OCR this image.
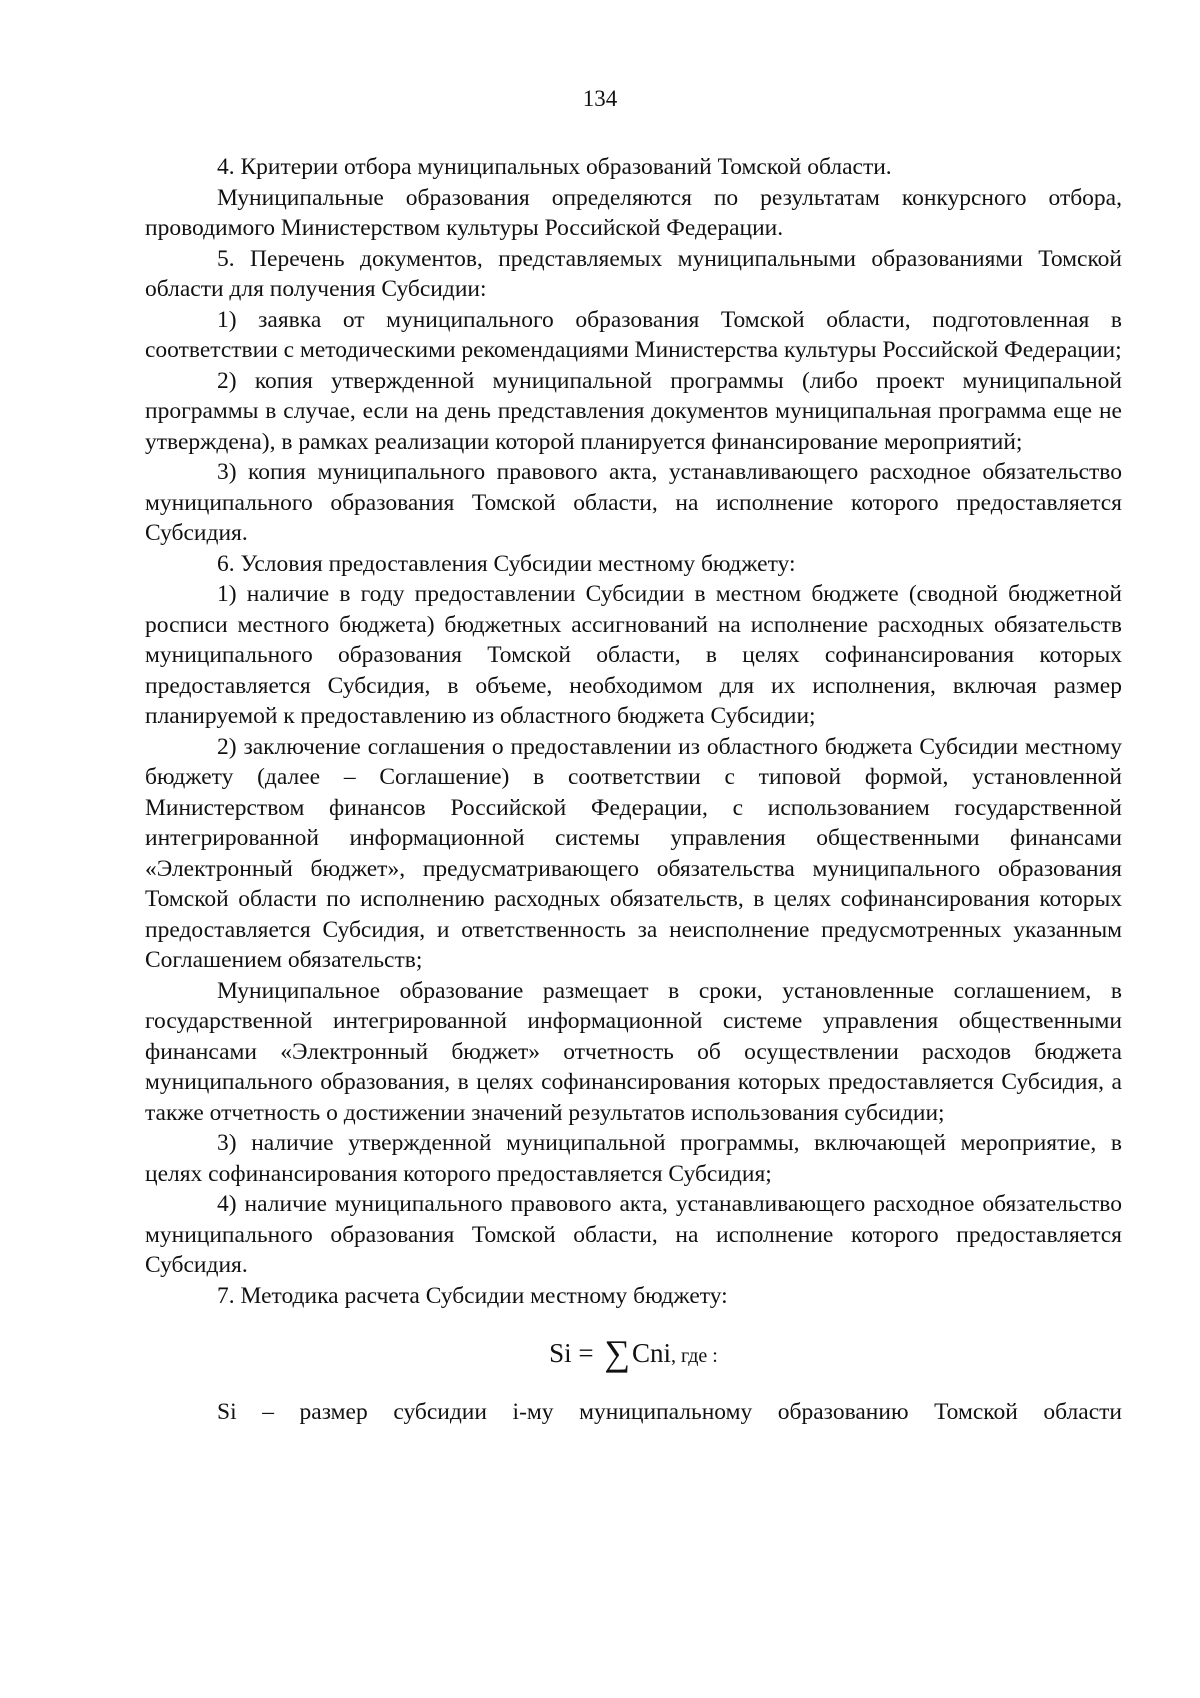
134

4. Критерии отбора муниципальных образований Томской области.

Муниципальные образования определяются по результатам конкурсного отбора, проводимого Министерством культуры Российской Федерации.

5. Перечень документов, представляемых муниципальными образованиями Томской области для получения Субсидии:

1) заявка от муниципального образования Томской области, подготовленная в соответствии с методическими рекомендациями Министерства культуры Российской Федерации;

2) копия утвержденной муниципальной программы (либо проект муниципальной программы в случае, если на день представления документов муниципальная программа еще не утверждена), в рамках реализации которой планируется финансирование мероприятий;

3) копия муниципального правового акта, устанавливающего расходное обязательство муниципального образования Томской области, на исполнение которого предоставляется Субсидия.

6. Условия предоставления Субсидии местному бюджету:

1) наличие в году предоставлении Субсидии в местном бюджете (сводной бюджетной росписи местного бюджета) бюджетных ассигнований на исполнение расходных обязательств муниципального образования Томской области, в целях софинансирования которых предоставляется Субсидия, в объеме, необходимом для их исполнения, включая размер планируемой к предоставлению из областного бюджета Субсидии;

2) заключение соглашения о предоставлении из областного бюджета Субсидии местному бюджету (далее – Соглашение) в соответствии с типовой формой, установленной Министерством финансов Российской Федерации, с использованием государственной интегрированной информационной системы управления общественными финансами «Электронный бюджет», предусматривающего обязательства муниципального образования Томской области по исполнению расходных обязательств, в целях софинансирования которых предоставляется Субсидия, и ответственность за неисполнение предусмотренных указанным Соглашением обязательств;

Муниципальное образование размещает в сроки, установленные соглашением, в государственной интегрированной информационной системе управления общественными финансами «Электронный бюджет» отчетность об осуществлении расходов бюджета муниципального образования, в целях софинансирования которых предоставляется Субсидия, а также отчетность о достижении значений результатов использования субсидии;

3) наличие утвержденной муниципальной программы, включающей мероприятие, в целях софинансирования которого предоставляется Субсидия;

4) наличие муниципального правового акта, устанавливающего расходное обязательство муниципального образования Томской области, на исполнение которого предоставляется Субсидия.

7. Методика расчета Субсидии местному бюджету:

Si = ∑Cni, где :

Si – размер субсидии i-му муниципальному образованию Томской области
